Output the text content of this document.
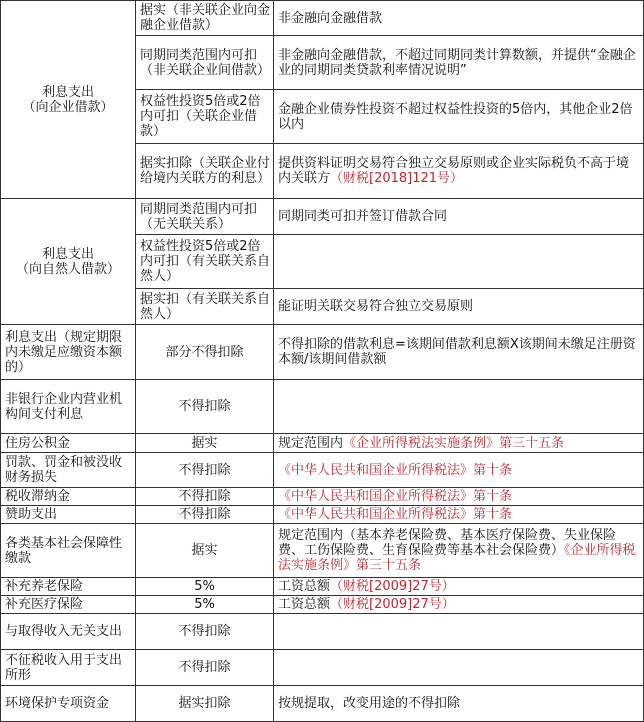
利息支出
（向企业借款）	据实（非关联企业向金融企业借款）	非金融向金融借款
	同期同类范围内可扣（非关联企业间借款）	非金融向金融借款，不超过同期同类计算数额，并提供“金融企业的同期同类贷款利率情况说明”
	权益性投资5倍或2倍内可扣（关联企业借款）	金融企业债券性投资不超过权益性投资的5倍内，其他企业2倍以内
	据实扣除（关联企业付给境内关联方的利息）	提供资料证明交易符合独立交易原则或企业实际税负不高于境内关联方（财税[2018]121号）
利息支出
（向自然人借款）	同期同类范围内可扣（无关联关系）	同期同类可扣并签订借款合同
	权益性投资5倍或2倍内可扣（有关联关系自然人）	
	据实扣（有关联关系自然人）	能证明关联交易符合独立交易原则
利息支出（规定期限内未缴足应缴资本额的）	部分不得扣除	不得扣除的借款利息=该期间借款利息额X该期间未缴足注册资本额/该期间借款额
非银行企业内营业机构间支付利息	不得扣除	
住房公积金	据实	规定范围内《企业所得税法实施条例》第三十五条
罚款、罚金和被没收财务损失	不得扣除	《中华人民共和国企业所得税法》第十条
税收滞纳金	不得扣除	《中华人民共和国企业所得税法》第十条
赞助支出	不得扣除	《中华人民共和国企业所得税法》第十条
各类基本社会保障性缴款	据实	规定范围内（基本养老保险费、基本医疗保险费、失业保险费、工伤保险费、生育保险费等基本社会保险费）《企业所得税法实施条例》第三十五条
补充养老保险	5%	工资总额（财税[2009]27号）
补充医疗保险	5%	工资总额（财税[2009]27号）
与取得收入无关支出	不得扣除	
不征税收入用于支出所形	不得扣除	
环境保护专项资金	据实扣除	按规提取，改变用途的不得扣除
